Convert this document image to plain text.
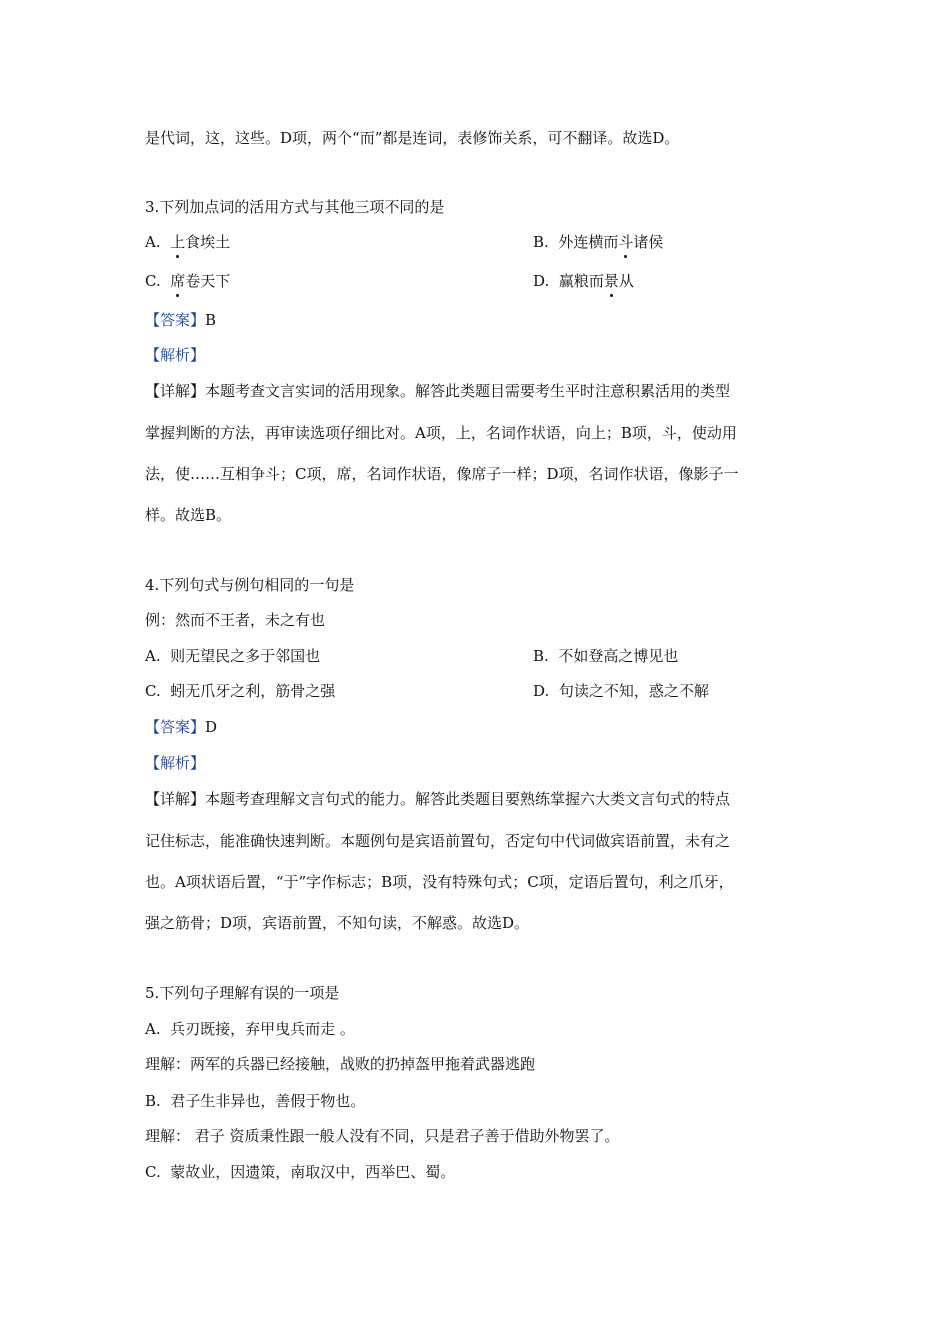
是代词，这，这些。D项，两个“而”都是连词，表修饰关系，可不翻译。故选D。
3.下列加点词的活用方式与其他三项不同的是
A. 上食埃土	B. 外连横而斗诸侯
C. 席卷天下	D. 赢粮而景从
【答案】B
【解析】
【详解】本题考查文言实词的活用现象。解答此类题目需要考生平时注意积累活用的类型
掌握判断的方法，再审读选项仔细比对。A项，上，名词作状语，向上；B项，斗，使动用
法，使……互相争斗；C项，席，名词作状语，像席子一样；D项，名词作状语，像影子一
样。故选B。
4.下列句式与例句相同的一句是
例：然而不王者，未之有也
A. 则无望民之多于邻国也	B. 不如登高之博见也
C. 蚓无爪牙之利，筋骨之强	D. 句读之不知，惑之不解
【答案】D
【解析】
【详解】本题考查理解文言句式的能力。解答此类题目要熟练掌握六大类文言句式的特点
记住标志，能准确快速判断。本题例句是宾语前置句，否定句中代词做宾语前置，未有之
也。A项状语后置，“于”字作标志；B项，没有特殊句式；C项，定语后置句，利之爪牙，
强之筋骨；D项，宾语前置，不知句读，不解惑。故选D。
5.下列句子理解有误的一项是
A. 兵刃既接，弃甲曳兵而走 。
理解：两军的兵器已经接触，战败的扔掉盔甲拖着武器逃跑
B. 君子生非异也，善假于物也。
理解： 君子 资质秉性跟一般人没有不同，只是君子善于借助外物罢了。
C. 蒙故业，因遗策，南取汉中，西举巴、蜀。
